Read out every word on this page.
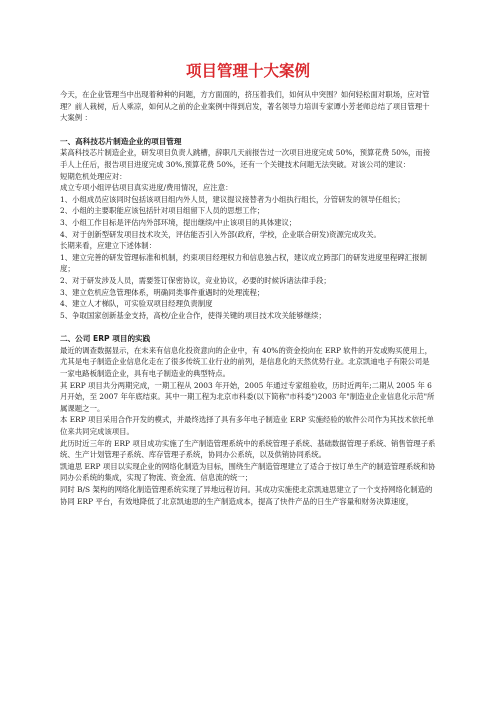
项目管理十大案例

今天，在企业管理当中出现着种种的问题，方方面面的，挤压着我们，如何从中突围？如何轻松面对职场，应对管理？前人栽树，后人乘凉，如何从之前的企业案例中得到启发，著名领导力培训专家谭小芳老师总结了项目管理十大案例 ：

一、高科技芯片制造企业的项目管理

某高科技芯片制造企业，研发项目负责人跳槽，辞职几天前报告过一次项目进度完成 50%，预算花费 50%，而接手人上任后，报告项目进度完成 30%,预算花费 50%，还有一个关键技术问题无法突破。对该公司的建议：

短期危机处理应对：

成立专项小组评估项目真实进度/费用情况，应注意：

1、小组成员应该同时包括该项目组内外人员，建议提议接替者为小组执行组长，分管研发的领导任组长；

2、小组的主要职能应该包括针对项目组留下人员的思想工作；

3、小组工作目标是评估内外部环境，提出继续/中止该项目的具体建议；

4、对于创新型研发项目技术攻关，评估能否引入外部(政府，学校，企业联合研发)资源完成攻关。

长期来看，应建立下述体制：

1、建立完善的研发管理标准和机制，约束项目经理权力和信息独占权，建议成立跨部门的研发进度里程碑汇报制度；

2、对于研发涉及人员，需要签订保密协议，竞业协议，必要的时候诉诸法律手段；

3、建立危机应急管理体系，明确同类事件重遇时的处理流程；

4、建立人才梯队，可实验双项目经理负责制度

5、争取国家创新基金支持，高校/企业合作，使得关键的项目技术攻关能够继续；

二、公司 ERP 项目的实践

最近的调查数据显示，在未来有信息化投资意向的企业中，有 40%的资金投向在 ERP 软件的开发或购买使用上，尤其是电子制造企业信息化走在了很多传统工业行业的前列，是信息化的天然优势行业。北京凯迪电子有限公司是一家电路板制造企业，具有电子制造业的典型特点。

其 ERP 项目共分两期完成，一期工程从 2003 年开始，2005 年通过专家组验收，历时近两年;二期从 2005 年 6 月开始，至 2007 年年底结束。其中一期工程为北京市科委(以下简称"市科委")2003 年"制造业企业信息化示范"所属课题之一。

本 ERP 项目采用合作开发的模式，并最终选择了具有多年电子制造业 ERP 实施经验的软件公司作为其技术依托单位来共同完成该项目。

此历时近三年的 ERP 项目成功实施了生产制造管理系统中的系统管理子系统、基础数据管理子系统、销售管理子系统、生产计划管理子系统、库存管理子系统，协同办公系统，以及供销协同系统。

凯迪思 ERP 项目以实现企业的网络化制造为目标，围绕生产制造管理建立了适合于按订单生产的制造管理系统和协同办公系统的集成，实现了物流、资金流、信息流的统一；

同时 B/S 架构的网络化制造管理系统实现了异地远程访问。其成功实施使北京凯迪思建立了一个支持网络化制造的协同 ERP 平台，有效地降低了北京凯迪思的生产制造成本，提高了快件产品的日生产容量和财务决算速度，
